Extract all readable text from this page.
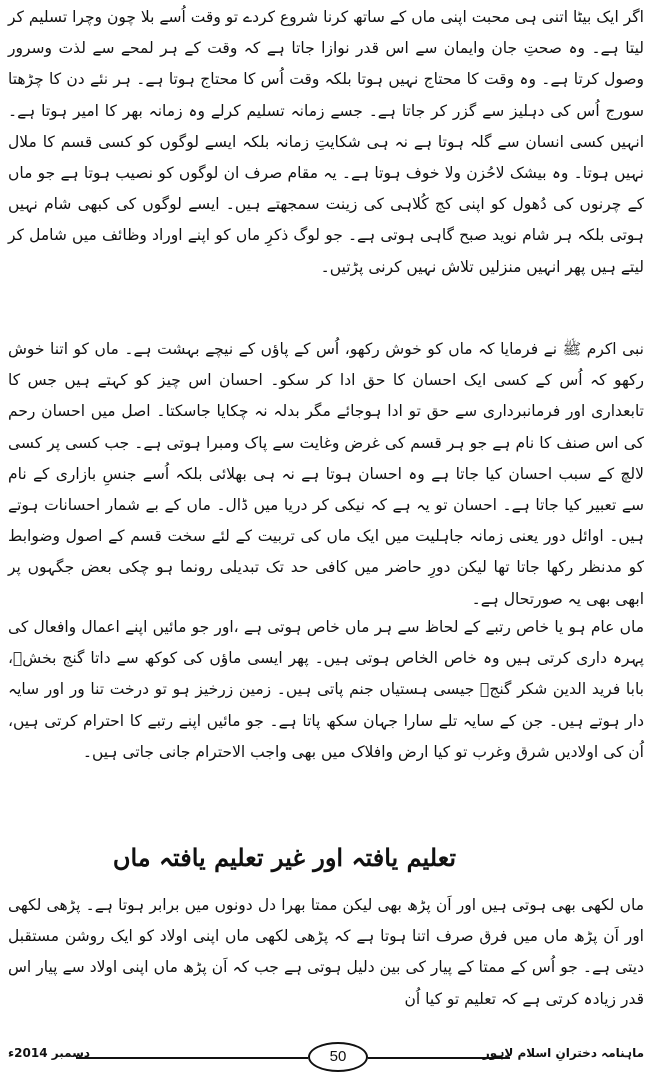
اگر ایک بیٹا اتنی ہی محبت اپنی ماں کے ساتھ کرنا شروع کردے تو وقت اُسے بلا چون وچرا تسلیم کر لیتا ہے۔ وہ صحتِ جان وایمان سے اس قدر نوازا جاتا ہے کہ وقت کے ہر لمحے سے لذت وسرور وصول کرتا ہے۔ وہ وقت کا محتاج نہیں ہوتا بلکہ وقت اُس کا محتاج ہوتا ہے۔ ہر نئے دن کا چڑھتا سورج اُس کی دہلیز سے گزر کر جاتا ہے۔ جسے زمانہ تسلیم کرلے وہ زمانہ بھر کا امیر ہوتا ہے۔ انہیں کسی انسان سے گلہ ہوتا ہے نہ ہی شکایتِ زمانہ بلکہ ایسے لوگوں کو کسی قسم کا ملال نہیں ہوتا۔ وہ بیشک لاحُزن ولا خوف ہوتا ہے۔ یہ مقام صرف ان لوگوں کو نصیب ہوتا ہے جو ماں کے چرنوں کی دُھول کو اپنی کج کُلاہی کی زینت سمجھتے ہیں۔ ایسے لوگوں کی کبھی شام نہیں ہوتی بلکہ ہر شام نوید صبح گاہی ہوتی ہے۔ جو لوگ ذکرِ ماں کو اپنے اوراد وظائف میں شامل کر لیتے ہیں پھر انہیں منزلیں تلاش نہیں کرنی پڑتیں۔

نبی اکرم ﷺ نے فرمایا کہ ماں کو خوش رکھو، اُس کے پاؤں کے نیچے بہشت ہے۔ ماں کو اتنا خوش رکھو کہ اُس کے کسی ایک احسان کا حق ادا کر سکو۔ احسان اس چیز کو کہتے ہیں جس کا تابعداری اور فرمانبرداری سے حق تو ادا ہوجائے مگر بدلہ نہ چکایا جاسکتا۔ اصل میں احسان رحم کی اس صنف کا نام ہے جو ہر قسم کی غرض وغایت سے پاک ومبرا ہوتی ہے۔ جب کسی پر کسی لالچ کے سبب احسان کیا جاتا ہے وہ احسان ہوتا ہے نہ ہی بھلائی بلکہ اُسے جنسِ بازاری کے نام سے تعبیر کیا جاتا ہے۔ احسان تو یہ ہے کہ نیکی کر دریا میں ڈال۔ ماں کے بے شمار احسانات ہوتے ہیں۔ اوائل دور یعنی زمانہ جاہلیت میں ایک ماں کی تربیت کے لئے سخت قسم کے اصول وضوابط کو مدنظر رکھا جاتا تھا لیکن دورِ حاضر میں کافی حد تک تبدیلی رونما ہو چکی بعض جگہوں پر ابھی بھی یہ صورتحال ہے۔

ماں عام ہو یا خاص رتبے کے لحاظ سے ہر ماں خاص ہوتی ہے ،اور جو مائیں اپنے اعمال وافعال کی پہرہ داری کرتی ہیں وہ خاص الخاص ہوتی ہیں۔ پھر ایسی ماؤں کی کوکھ سے داتا گنج بخشؒ، بابا فرید الدین شکر گنجؒ جیسی ہستیاں جنم پاتی ہیں۔ زمین زرخیز ہو تو درخت تنا ور اور سایہ دار ہوتے ہیں۔ جن کے سایہ تلے سارا جہان سکھ پاتا ہے۔ جو مائیں اپنے رتبے کا احترام کرتی ہیں، اُن کی اولادیں شرق وغرب تو کیا ارض وافلاک میں بھی واجب الاحترام جانی جاتی ہیں۔

تعلیم یافتہ اور غیر تعلیم یافتہ ماں

ماں لکھی بھی ہوتی ہیں اور اَن پڑھ بھی لیکن ممتا بھرا دل دونوں میں برابر ہوتا ہے۔ پڑھی لکھی اور اَن پڑھ ماں میں فرق صرف اتنا ہوتا ہے کہ پڑھی لکھی ماں اپنی اولاد کو ایک روشن مستقبل دیتی ہے۔ جو اُس کے ممتا کے پیار کی بین دلیل ہوتی ہے جب کہ اَن پڑھ ماں اپنی اولاد سے پیار اس قدر زیادہ کرتی ہے کہ تعلیم تو کیا اُن

دسمبر 2014ء	50	ماہنامہ دخترانِ اسلام لاہور
